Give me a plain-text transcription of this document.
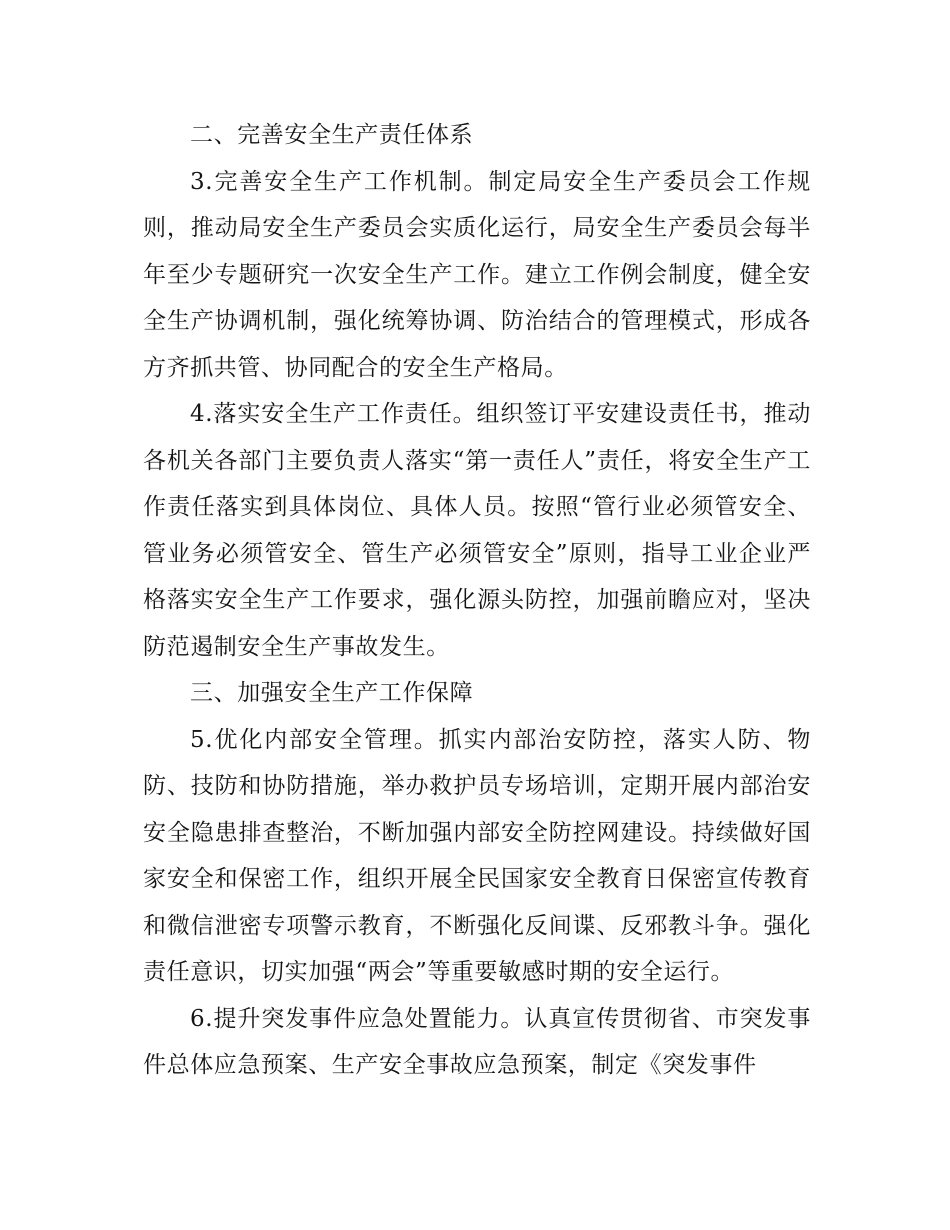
二、完善安全生产责任体系

3.完善安全生产工作机制。制定局安全生产委员会工作规则，推动局安全生产委员会实质化运行，局安全生产委员会每半年至少专题研究一次安全生产工作。建立工作例会制度，健全安全生产协调机制，强化统筹协调、防治结合的管理模式，形成各方齐抓共管、协同配合的安全生产格局。

4.落实安全生产工作责任。组织签订平安建设责任书，推动各机关各部门主要负责人落实“第一责任人”责任，将安全生产工作责任落实到具体岗位、具体人员。按照“管行业必须管安全、管业务必须管安全、管生产必须管安全”原则，指导工业企业严格落实安全生产工作要求，强化源头防控，加强前瞻应对，坚决防范遏制安全生产事故发生。

三、加强安全生产工作保障

5.优化内部安全管理。抓实内部治安防控，落实人防、物防、技防和协防措施，举办救护员专场培训，定期开展内部治安安全隐患排查整治，不断加强内部安全防控网建设。持续做好国家安全和保密工作，组织开展全民国家安全教育日保密宣传教育和微信泄密专项警示教育，不断强化反间谍、反邪教斗争。强化责任意识，切实加强“两会”等重要敏感时期的安全运行。

6.提升突发事件应急处置能力。认真宣传贯彻省、市突发事件总体应急预案、生产安全事故应急预案，制定《突发事件
